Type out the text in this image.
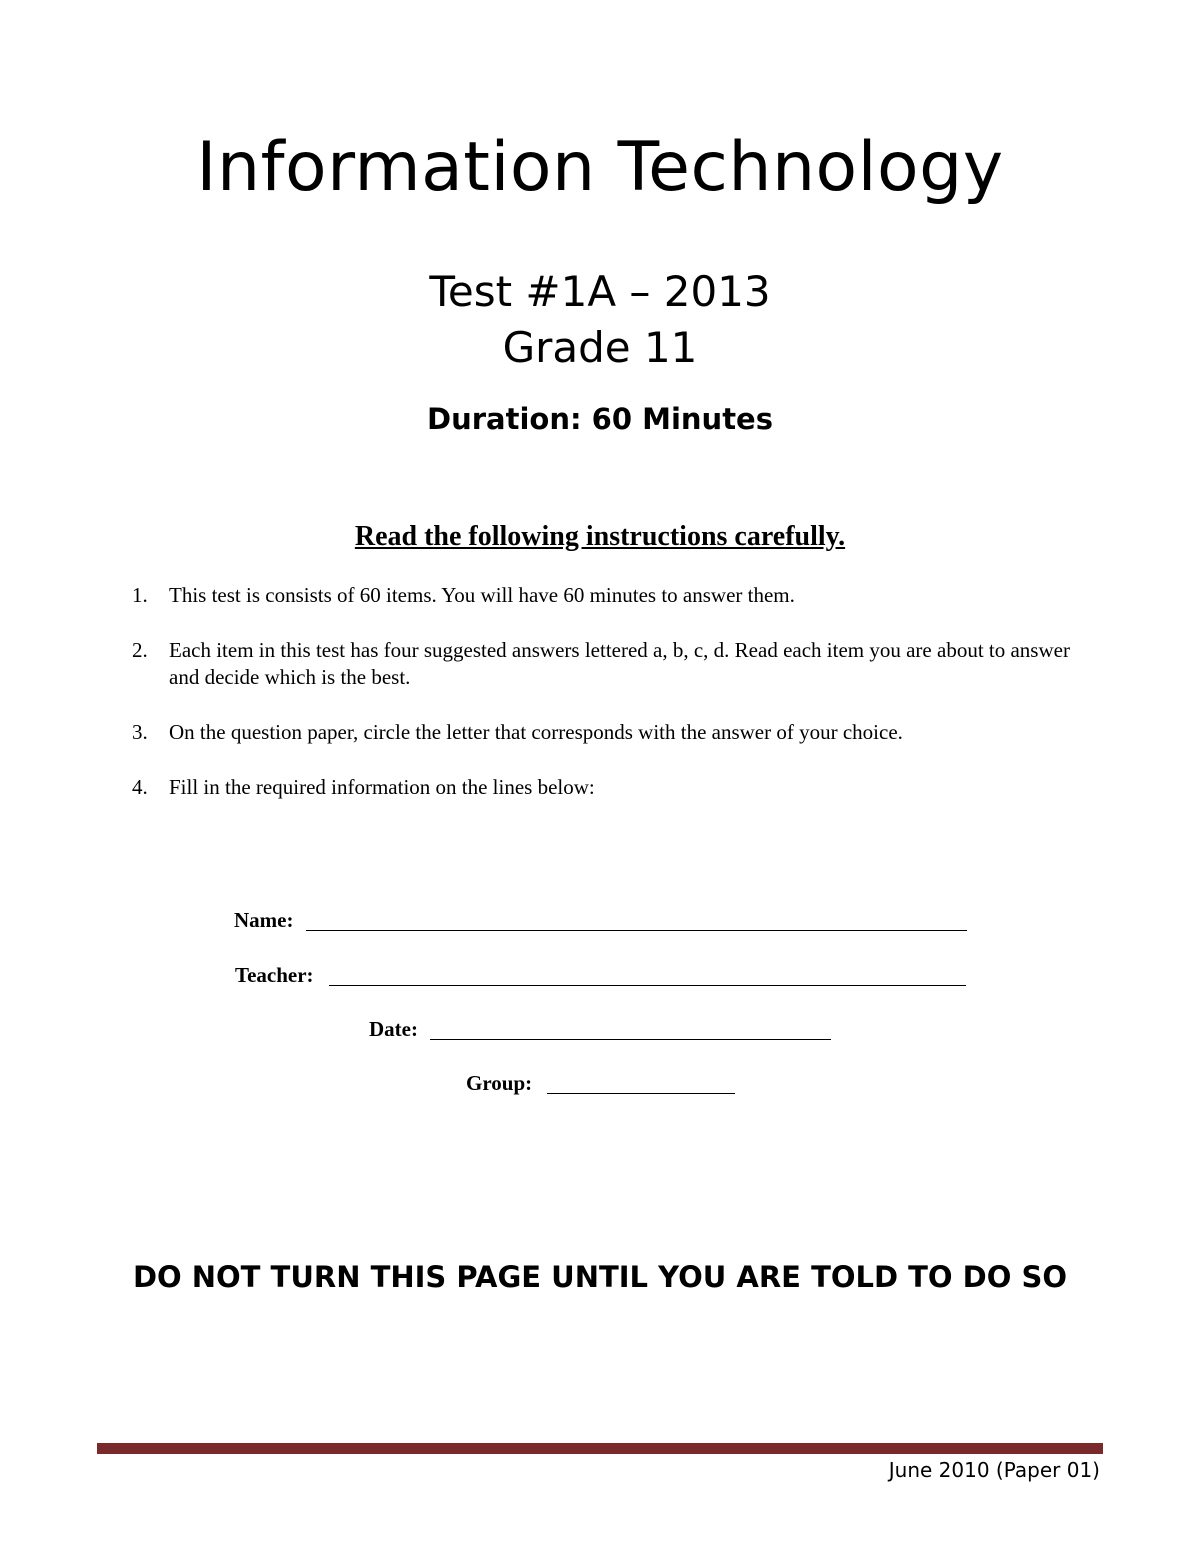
Information Technology
Test #1A – 2013
Grade 11
Duration: 60 Minutes
Read the following instructions carefully.
1. This test is consists of 60 items. You will have 60 minutes to answer them.
2. Each item in this test has four suggested answers lettered a, b, c, d. Read each item you are about to answer and decide which is the best.
3. On the question paper, circle the letter that corresponds with the answer of your choice.
4. Fill in the required information on the lines below:
Name:
Teacher:
Date:
Group:
DO NOT TURN THIS PAGE UNTIL YOU ARE TOLD TO DO SO
June 2010 (Paper 01)
